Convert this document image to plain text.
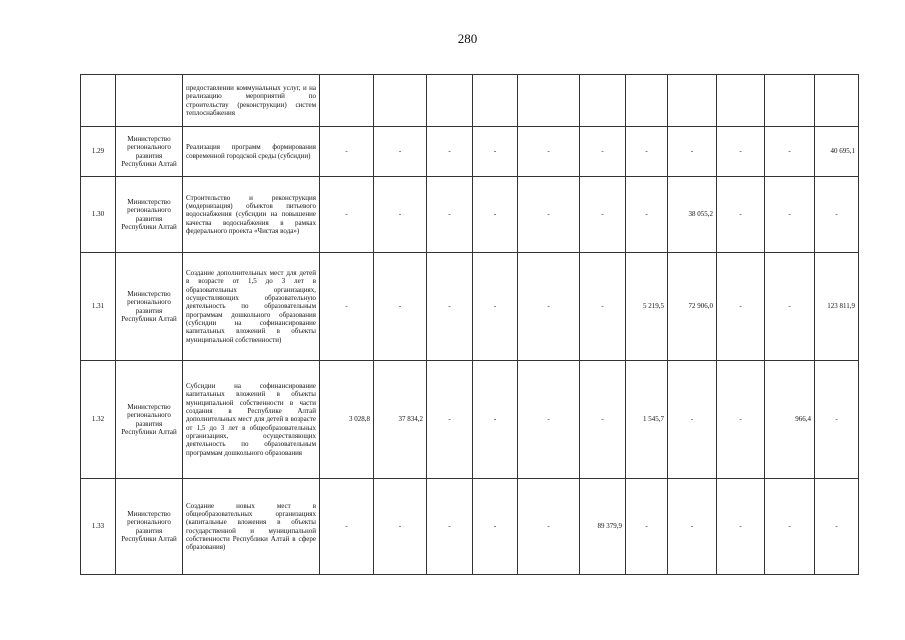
280
		предоставлении коммунальных услуг, и на реализацию мероприятий по строительству (реконструкции) систем теплоснабжения											
1.29	Министерство регионального развития Республики Алтай	Реализация программ формирования современной городской среды (субсидии)	-	-	-	-	-	-	-	-	-	-	40 695,1
1.30	Министерство регионального развития Республики Алтай	Строительство и реконструкция (модернизация) объектов питьевого водоснабжения (субсидии на повышение качества водоснабжения в рамках федерального проекта «Чистая вода»)	-	-	-	-	-	-	-	38 055,2	-	-	-
1.31	Министерство регионального развития Республики Алтай	Создание дополнительных мест для детей в возрасте от 1,5 до 3 лет в образовательных организациях, осуществляющих образовательную деятельность по образовательным программам дошкольного образования (субсидии на софинансирование капитальных вложений в объекты муниципальной собственности)	-	-	-	-	-	-	5 219,5	72 906,0	-	-	123 811,9
1.32	Министерство регионального развития Республики Алтай	Субсидии на софинансирование капитальных вложений в объекты муниципальной собственности в части создания в Республике Алтай дополнительных мест для детей в возрасте от 1,5 до 3 лет в общеобразовательных организациях, осуществляющих деятельность по образовательным программам дошкольного образования	3 028,8	37 834,2	-	-	-	-	1 545,7	-	-	966,4	-
1.33	Министерство регионального развития Республики Алтай	Создание новых мест в общеобразовательных организациях (капитальные вложения в объекты государственной и муниципальной собственности Республики Алтай в сфере образования)	-	-	-	-	-	89 379,9	-	-	-	-	-
